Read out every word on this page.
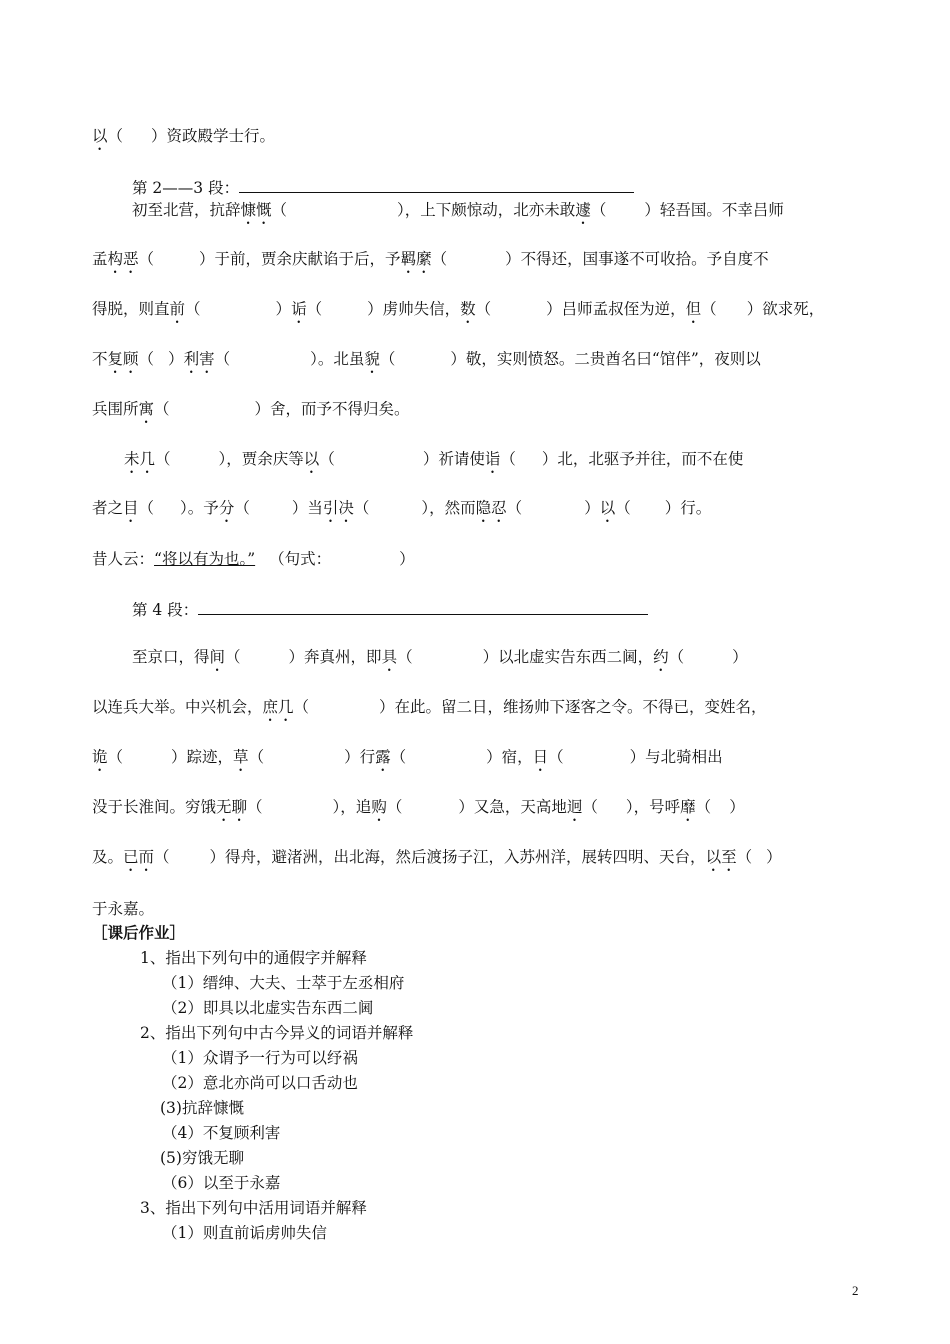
以（ ）资政殿学士行。
第 2——3 段：
初至北营，抗辞慷慨（	），上下颇惊动，北亦未敢遽（ ）轻吾国。不幸吕师
孟构恶（	）于前，贾余庆献谄于后，予羁縻（	）不得还，国事遂不可收拾。予自度不
得脱，则直前（	）诟（	）虏帅失信，数（	）吕师孟叔侄为逆，但（ ）欲求死，
不复顾（ ）利害（	）。北虽貌（	）敬，实则愤怒。二贵酋名曰“馆伴”，夜则以
兵围所寓（	）舍，而予不得归矣。
未几（	），贾余庆等以（	）祈请使诣（ ）北，北驱予并往，而不在使
者之目（ ）。予分（	）当引决（	），然而隐忍（	）以（ ）行。
昔人云：“将以有为也。” （句式：	）
第 4 段：
至京口，得间（	）奔真州，即具（	）以北虚实告东西二阃，约（	）
以连兵大举。中兴机会，庶几（	）在此。留二日，维扬帅下逐客之令。不得已，变姓名，
诡（	）踪迹，草（	）行露（	）宿，日（	）与北骑相出
没于长淮间。穷饿无聊（	），追购（	）又急，天高地迥（ ），号呼靡（ ）
及。已而（	）得舟，避渚洲，出北海，然后渡扬子江，入苏州洋，展转四明、天台，以至（ ）
于永嘉。
［课后作业］
1、指出下列句中的通假字并解释
（1）缙绅、大夫、士萃于左丞相府
（2）即具以北虚实告东西二阃
2、指出下列句中古今异义的词语并解释
（1）众谓予一行为可以纾祸
（2）意北亦尚可以口舌动也
(3)抗辞慷慨
（4）不复顾利害
(5)穷饿无聊
（6）以至于永嘉
3、指出下列句中活用词语并解释
（1）则直前诟虏帅失信
2
